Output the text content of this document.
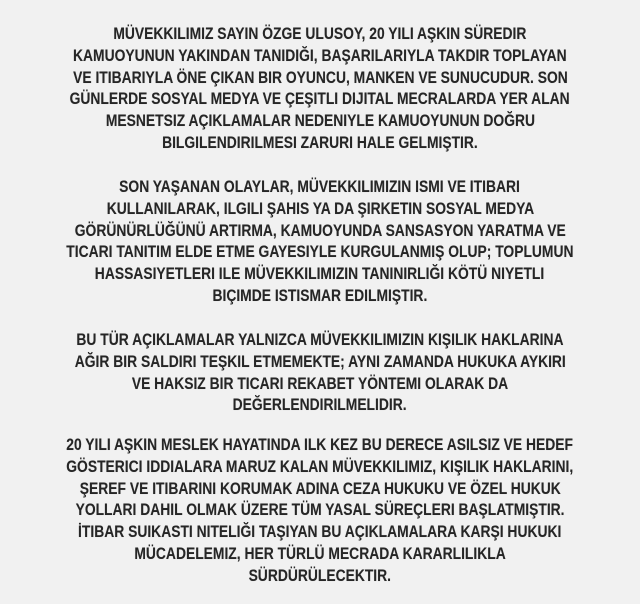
MÜVEKKILIMIZ SAYIN ÖZGE ULUSOY, 20 YILI AŞKIN SÜREDIR
KAMUOYUNUN YAKINDAN TANIDIĞI, BAŞARILARIYLA TAKDIR TOPLAYAN
VE ITIBARIYLA ÖNE ÇIKAN BIR OYUNCU, MANKEN VE SUNUCUDUR. SON
GÜNLERDE SOSYAL MEDYA VE ÇEŞITLI DIJITAL MECRALARDA YER ALAN
MESNETSIZ AÇIKLAMALAR NEDENIYLE KAMUOYUNUN DOĞRU
BILGILENDIRILMESI ZARURI HALE GELMIŞTIR.
SON YAŞANAN OLAYLAR, MÜVEKKILIMIZIN ISMI VE ITIBARI
KULLANILARAK, ILGILI ŞAHIS YA DA ŞIRKETIN SOSYAL MEDYA
GÖRÜNÜRLÜĞÜNÜ ARTIRMA, KAMUOYUNDA SANSASYON YARATMA VE
TICARI TANITIM ELDE ETME GAYESIYLE KURGULANMIŞ OLUP; TOPLUMUN
HASSASIYETLERI ILE MÜVEKKILIMIZIN TANINIRLIĞI KÖTÜ NIYETLI
BIÇIMDE ISTISMAR EDILMIŞTIR.
BU TÜR AÇIKLAMALAR YALNIZCA MÜVEKKILIMIZIN KIŞILIK HAKLARINA
AĞIR BIR SALDIRI TEŞKIL ETMEMEKTE; AYNI ZAMANDA HUKUKA AYKIRI
VE HAKSIZ BIR TICARI REKABET YÖNTEMI OLARAK DA
DEĞERLENDIRILMELIDIR.
20 YILI AŞKIN MESLEK HAYATINDA ILK KEZ BU DERECE ASILSIZ VE HEDEF
GÖSTERICI IDDIALARA MARUZ KALAN MÜVEKKILIMIZ, KIŞILIK HAKLARINI,
ŞEREF VE ITIBARINI KORUMAK ADINA CEZA HUKUKU VE ÖZEL HUKUK
YOLLARI DAHIL OLMAK ÜZERE TÜM YASAL SÜREÇLERI BAŞLATMIŞTIR.
İTIBAR SUIKASTI NITELIĞI TAŞIYAN BU AÇIKLAMALARA KARŞI HUKUKI
MÜCADELEMIZ, HER TÜRLÜ MECRADA KARARLILIKLA
SÜRDÜRÜLECEKTIR.
